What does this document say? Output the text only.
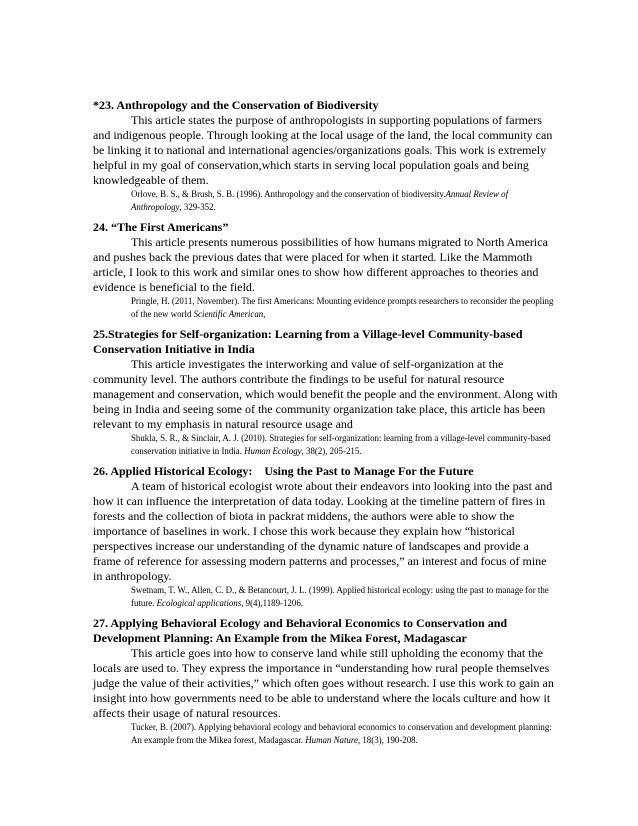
*23. Anthropology and the Conservation of Biodiversity
This article states the purpose of anthropologists in supporting populations of farmers and indigenous people. Through looking at the local usage of the land, the local community can be linking it to national and international agencies/organizations goals. This work is extremely helpful in my goal of conservation,which starts in serving local population goals and being knowledgeable of them.
Orlove, B. S., & Brush, S. B. (1996). Anthropology and the conservation of biodiversity.Annual Review of Anthropology, 329-352.
24. “The First Americans”
This article presents numerous possibilities of how humans migrated to North America and pushes back the previous dates that were placed for when it started. Like the Mammoth article, I look to this work and similar ones to show how different approaches to theories and evidence is beneficial to the field.
Pringle, H. (2011, November). The first Americans: Mounting evidence prompts researchers to reconsider the peopling of the new world Scientific American,
25.Strategies for Self-organization: Learning from a Village-level Community-based Conservation Initiative in India
This article investigates the interworking and value of self-organization at the community level. The authors contribute the findings to be useful for natural resource management and conservation, which would benefit the people and the environment. Along with being in India and seeing some of the community organization take place, this article has been relevant to my emphasis in natural resource usage and
Shukla, S. R., & Sinclair, A. J. (2010). Strategies for self-organization: learning from a village-level community-based conservation initiative in India. Human Ecology, 38(2), 205-215.
26. Applied Historical Ecology:    Using the Past to Manage For the Future
A team of historical ecologist wrote about their endeavors into looking into the past and how it can influence the interpretation of data today. Looking at the timeline pattern of fires in forests and the collection of biota in packrat middens, the authors were able to show the importance of baselines in work. I chose this work because they explain how “historical perspectives increase our understanding of the dynamic nature of landscapes and provide a frame of reference for assessing modern patterns and processes,” an interest and focus of mine in anthropology.
Swetnam, T. W., Allen, C. D., & Betancourt, J. L. (1999). Applied historical ecology: using the past to manage for the future. Ecological applications, 9(4),1189-1206.
27. Applying Behavioral Ecology and Behavioral Economics to Conservation and Development Planning: An Example from the Mikea Forest, Madagascar
This article goes into how to conserve land while still upholding the economy that the locals are used to. They express the importance in “understanding how rural people themselves judge the value of their activities,” which often goes without research. I use this work to gain an insight into how governments need to be able to understand where the locals culture and how it affects their usage of natural resources.
Tucker, B. (2007). Applying behavioral ecology and behavioral economics to conservation and development planning: An example from the Mikea forest, Madagascar. Human Nature, 18(3), 190-208.
